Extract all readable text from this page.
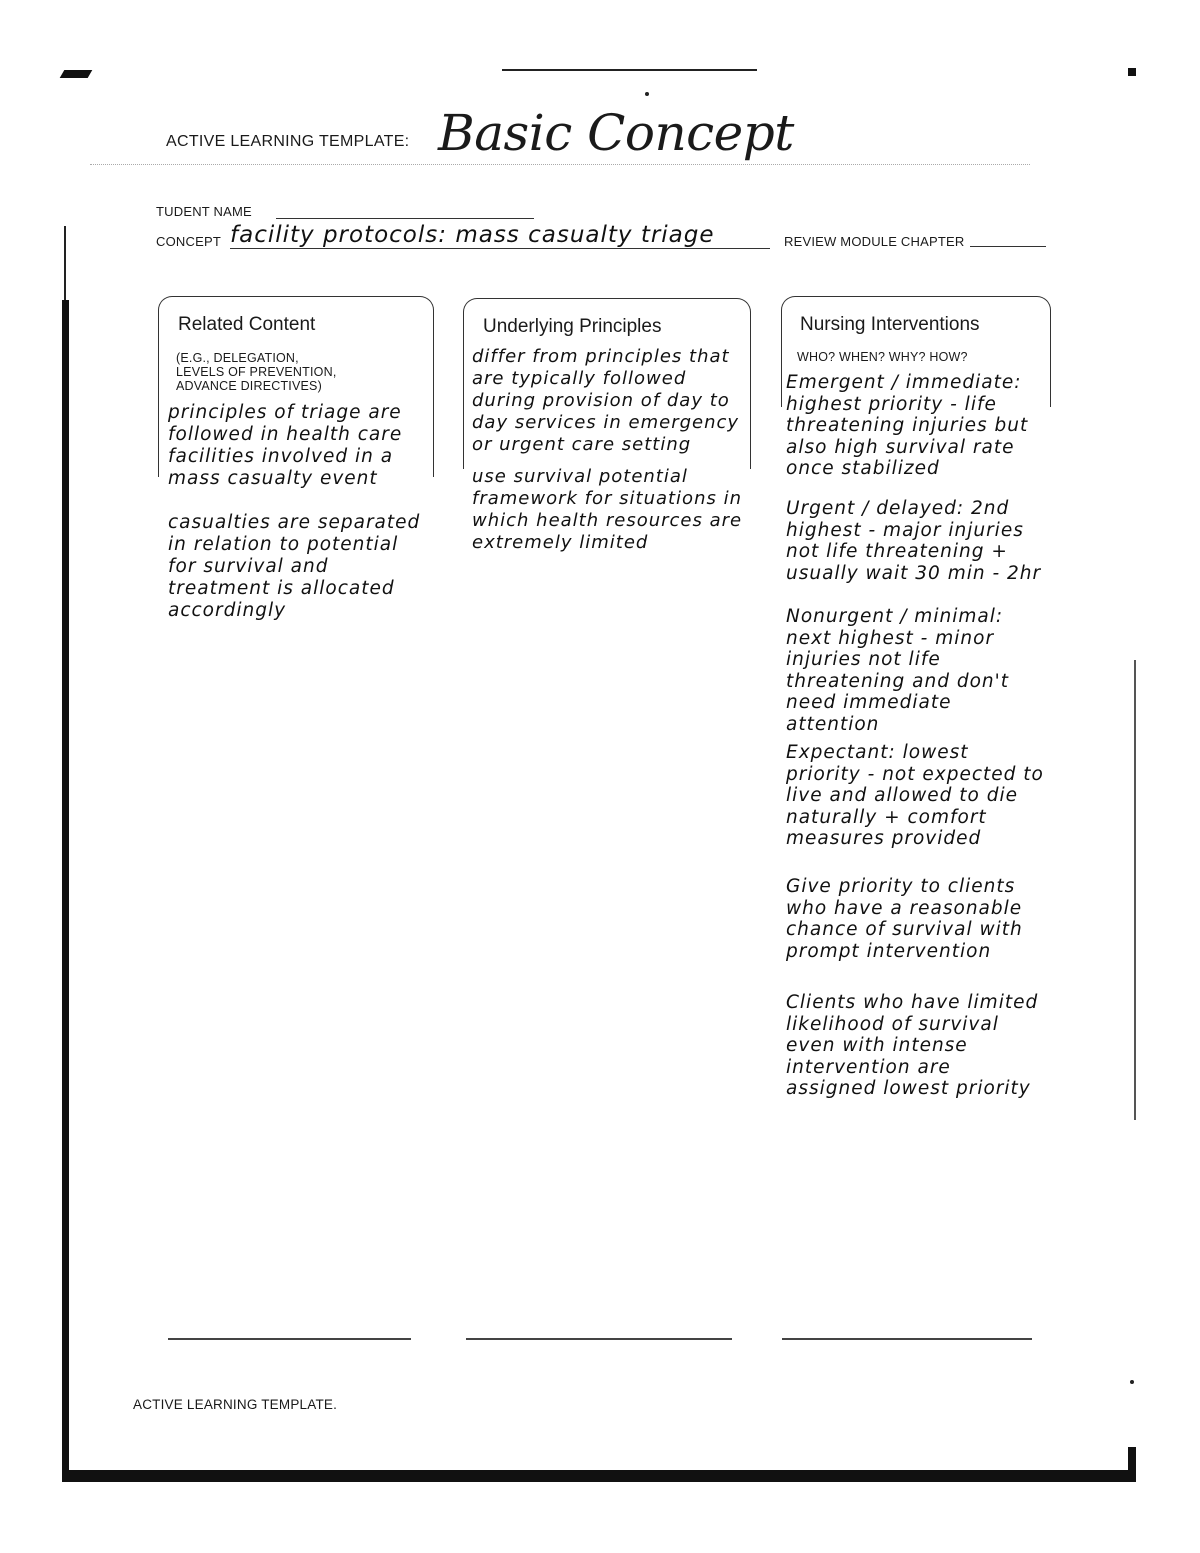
ACTIVE LEARNING TEMPLATE: Basic Concept
TUDENT NAME
CONCEPT facility protocols: mass casualty triage	REVIEW MODULE CHAPTER
Related Content
(E.G., DELEGATION,
LEVELS OF PREVENTION,
ADVANCE DIRECTIVES)

principles of triage are followed in health care facilities involved in a mass casualty event

casualties are separated in relation to potential for survival and treatment is allocated accordingly

Underlying Principles

differ from principles that are typically followed during provision of day to day services in emergency or urgent care setting

use survival potential framework for situations in which health resources are extremely limited

Nursing Interventions
WHO? WHEN? WHY? HOW?

Emergent / immediate: highest priority - life threatening injuries but also high survival rate once stabilized

Urgent / delayed: 2nd highest - major injuries not life threatening + usually wait 30 min - 2hr

Nonurgent / minimal: next highest - minor injuries not life threatening and don't need immediate attention

Expectant: lowest priority - not expected to live and allowed to die naturally + comfort measures provided

Give priority to clients who have a reasonable chance of survival with prompt intervention

Clients who have limited likelihood of survival even with intense intervention are assigned lowest priority

ACTIVE LEARNING TEMPLATE.
